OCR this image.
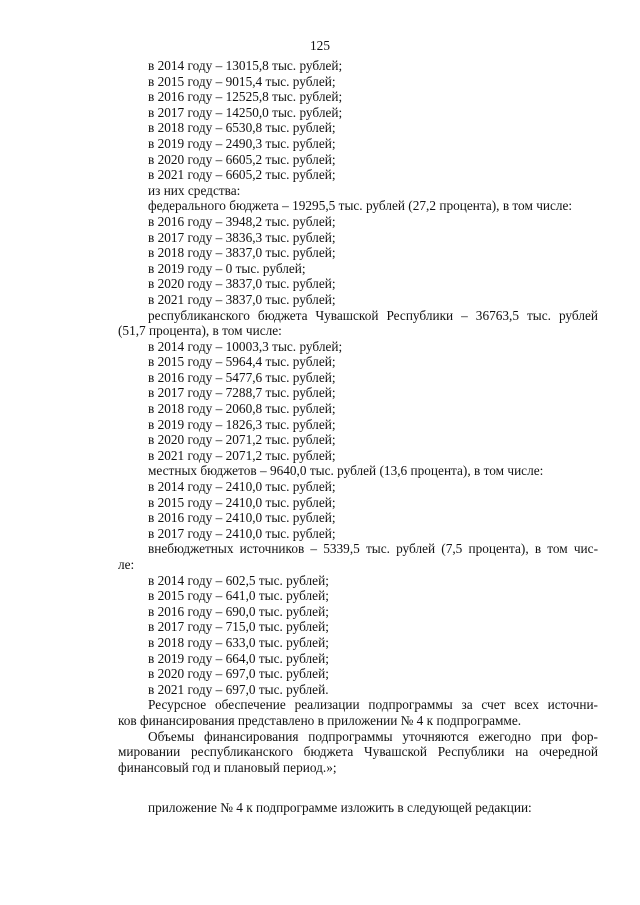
125
в 2014 году – 13015,8 тыс. рублей;
в 2015 году – 9015,4 тыс. рублей;
в 2016 году – 12525,8 тыс. рублей;
в 2017 году – 14250,0 тыс. рублей;
в 2018 году – 6530,8 тыс. рублей;
в 2019 году – 2490,3 тыс. рублей;
в 2020 году – 6605,2 тыс. рублей;
в 2021 году – 6605,2 тыс. рублей;
из них средства:
федерального бюджета – 19295,5 тыс. рублей (27,2 процента), в том числе:
в 2016 году – 3948,2 тыс. рублей;
в 2017 году – 3836,3 тыс. рублей;
в 2018 году – 3837,0 тыс. рублей;
в 2019 году – 0 тыс. рублей;
в 2020 году – 3837,0 тыс. рублей;
в 2021 году – 3837,0 тыс. рублей;
республиканского бюджета Чувашской Республики – 36763,5 тыс. рублей
(51,7 процента), в том числе:
в 2014 году – 10003,3 тыс. рублей;
в 2015 году – 5964,4 тыс. рублей;
в 2016 году – 5477,6 тыс. рублей;
в 2017 году – 7288,7 тыс. рублей;
в 2018 году – 2060,8 тыс. рублей;
в 2019 году – 1826,3 тыс. рублей;
в 2020 году – 2071,2 тыс. рублей;
в 2021 году – 2071,2 тыс. рублей;
местных бюджетов – 9640,0 тыс. рублей (13,6 процента), в том числе:
в 2014 году – 2410,0 тыс. рублей;
в 2015 году – 2410,0 тыс. рублей;
в 2016 году – 2410,0 тыс. рублей;
в 2017 году – 2410,0 тыс. рублей;
внебюджетных источников – 5339,5 тыс. рублей (7,5 процента), в том чис-
ле:
в 2014 году – 602,5 тыс. рублей;
в 2015 году – 641,0 тыс. рублей;
в 2016 году – 690,0 тыс. рублей;
в 2017 году – 715,0 тыс. рублей;
в 2018 году – 633,0 тыс. рублей;
в 2019 году – 664,0 тыс. рублей;
в 2020 году – 697,0 тыс. рублей;
в 2021 году – 697,0 тыс. рублей.
Ресурсное обеспечение реализации подпрограммы за счет всех источни-
ков финансирования представлено в приложении № 4 к подпрограмме.
Объемы финансирования подпрограммы уточняются ежегодно при фор-
мировании республиканского бюджета Чувашской Республики на очередной
финансовый год и плановый период.»;
приложение № 4 к подпрограмме изложить в следующей редакции:
